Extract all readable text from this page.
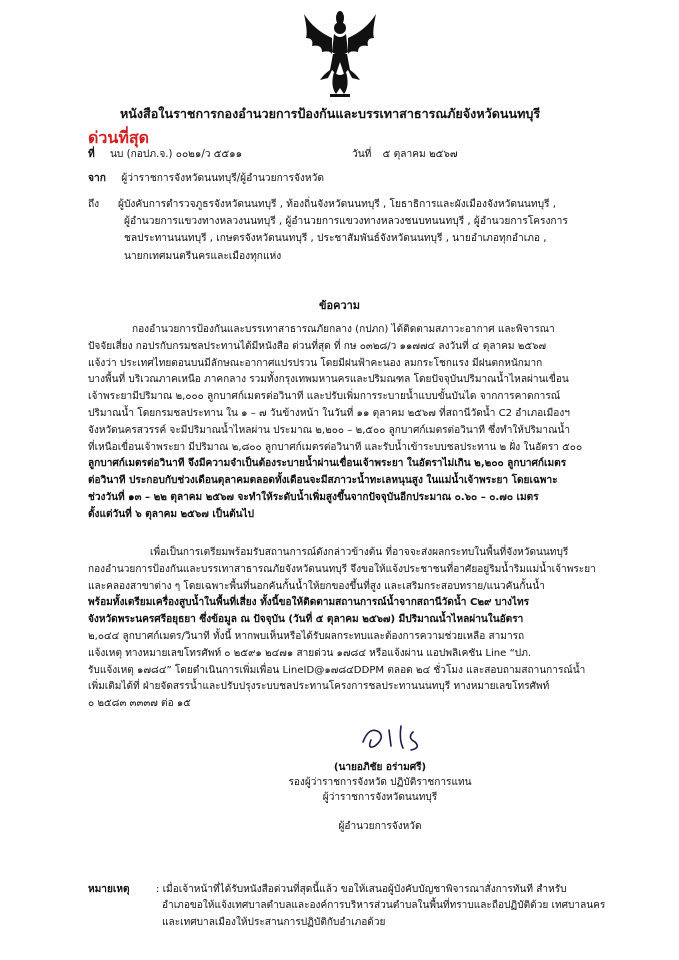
หนังสือในราชการกองอำนวยการป้องกันและบรรเทาสาธารณภัยจังหวัดนนทบุรี
ด่วนที่สุด
ที่ นบ (กอปภ.จ.) ๐๐๒๑/ว ๕๕๑๑	วันที่ ๕ ตุลาคม ๒๕๖๗
จาก ผู้ว่าราชการจังหวัดนนทบุรี/ผู้อำนวยการจังหวัด
ถึง ผู้บังคับการตำรวจภูธรจังหวัดนนทบุรี , ท้องถิ่นจังหวัดนนทบุรี , โยธาธิการและผังเมืองจังหวัดนนทบุรี ,
ผู้อำนวยการแขวงทางหลวงนนทบุรี , ผู้อำนวยการแขวงทางหลวงชนบทนนทบุรี , ผู้อำนวยการโครงการ
ชลประทานนนทบุรี , เกษตรจังหวัดนนทบุรี , ประชาสัมพันธ์จังหวัดนนทบุรี , นายอำเภอทุกอำเภอ ,
นายกเทศมนตรีนครและเมืองทุกแห่ง
ข้อความ
กองอำนวยการป้องกันและบรรเทาสาธารณภัยกลาง (กปภก) ได้ติดตามสภาวะอากาศ และพิจารณา
ปัจจัยเสี่ยง กอปรกับกรมชลประทานได้มีหนังสือ ด่วนที่สุด ที่ กษ ๐๓๒๘/ว ๑๑๗๗๔ ลงวันที่ ๔ ตุลาคม ๒๕๖๗
แจ้งว่า ประเทศไทยตอนบนมีลักษณะอากาศแปรปรวน โดยมีฝนฟ้าคะนอง ลมกระโชกแรง มีฝนตกหนักมาก
บางพื้นที่ บริเวณภาคเหนือ ภาคกลาง รวมทั้งกรุงเทพมหานครและปริมณฑล โดยปัจจุบันปริมาณน้ำไหลผ่านเขื่อน
เจ้าพระยามีปริมาณ ๒,๐๐๐ ลูกบาศก์เมตรต่อวินาที และปรับเพิ่มการระบายน้ำแบบขั้นบันได จากการคาดการณ์
ปริมาณน้ำ โดยกรมชลประทาน ใน ๑ – ๗ วันข้างหน้า ในวันที่ ๑๑ ตุลาคม ๒๕๖๗ ที่สถานีวัดน้ำ C2 อำเภอเมืองฯ
จังหวัดนครสวรรค์ จะมีปริมาณน้ำไหลผ่าน ประมาณ ๒,๒๐๐ – ๒,๕๐๐ ลูกบาศก์เมตรต่อวินาที ซึ่งทำให้ปริมาณน้ำ
ที่เหนือเขื่อนเจ้าพระยา มีปริมาณ ๒,๘๐๐ ลูกบาศก์เมตรต่อวินาที และรับน้ำเข้าระบบชลประทาน ๒ ฝั่ง ในอัตรา ๕๐๐
ลูกบาศก์เมตรต่อวินาที จึงมีความจำเป็นต้องระบายน้ำผ่านเขื่อนเจ้าพระยา ในอัตราไม่เกิน ๒,๒๐๐ ลูกบาศก์เมตร
ต่อวินาที ประกอบกับช่วงเดือนตุลาคมตลอดทั้งเดือนจะมีสภาวะน้ำทะเลหนุนสูง ในแม่น้ำเจ้าพระยา โดยเฉพาะ
ช่วงวันที่ ๑๓ – ๒๒ ตุลาคม ๒๕๖๗ จะทำให้ระดับน้ำเพิ่มสูงขึ้นจากปัจจุบันอีกประมาณ ๐.๖๐ – ๐.๗๐ เมตร
ตั้งแต่วันที่ ๖ ตุลาคม ๒๕๖๗ เป็นต้นไป
เพื่อเป็นการเตรียมพร้อมรับสถานการณ์ดังกล่าวข้างต้น ที่อาจจะส่งผลกระทบในพื้นที่จังหวัดนนทบุรี
กองอำนวยการป้องกันและบรรเทาสาธารณภัยจังหวัดนนทบุรี จึงขอให้แจ้งประชาชนที่อาศัยอยู่ริมน้ำริมแม่น้ำเจ้าพระยา
และคลองสาขาต่าง ๆ โดยเฉพาะพื้นที่นอกคันกั้นน้ำให้ยกของขึ้นที่สูง และเสริมกระสอบทราย/แนวคันกั้นน้ำ
พร้อมทั้งเตรียมเครื่องสูบน้ำในพื้นที่เสี่ยง ทั้งนี้ขอให้ติดตามสถานการณ์น้ำจากสถานีวัดน้ำ C๒๙ บางไทร
จังหวัดพระนครศรีอยุธยา ซึ่งข้อมูล ณ ปัจจุบัน (วันที่ ๕ ตุลาคม ๒๕๖๗) มีปริมาณน้ำไหลผ่านในอัตรา
๒,๐๔๔ ลูกบาศก์เมตร/วินาที ทั้งนี้ หากพบเห็นหรือได้รับผลกระทบและต้องการความช่วยเหลือ สามารถ
แจ้งเหตุ ทางหมายเลขโทรศัพท์ ๐ ๒๕๙๑ ๒๔๗๑ สายด่วน ๑๗๘๔ หรือแจ้งผ่าน แอปพลิเคชัน Line “ปภ.
รับแจ้งเหตุ ๑๗๘๔” โดยดำเนินการเพิ่มเพื่อน LineID@๑๗๘๔DDPM ตลอด ๒๔ ชั่วโมง และสอบถามสถานการณ์น้ำ
เพิ่มเติมได้ที่ ฝ่ายจัดสรรน้ำและปรับปรุงระบบชลประทานโครงการชลประทานนนทบุรี ทางหมายเลขโทรศัพท์
๐ ๒๕๘๓ ๓๓๓๗ ต่อ ๑๕
(นายอภิชัย อร่ามศรี)
รองผู้ว่าราชการจังหวัด ปฏิบัติราชการแทน
ผู้ว่าราชการจังหวัดนนทบุรี
ผู้อำนวยการจังหวัด
หมายเหตุ	: เมื่อเจ้าหน้าที่ได้รับหนังสือด่วนที่สุดนี้แล้ว ขอให้เสนอผู้บังคับบัญชาพิจารณาสั่งการทันที สำหรับ
อำเภอขอให้แจ้งเทศบาลตำบลและองค์การบริหารส่วนตำบลในพื้นที่ทราบและถือปฏิบัติด้วย เทศบาลนคร
และเทศบาลเมืองให้ประสานการปฏิบัติกับอำเภอด้วย
